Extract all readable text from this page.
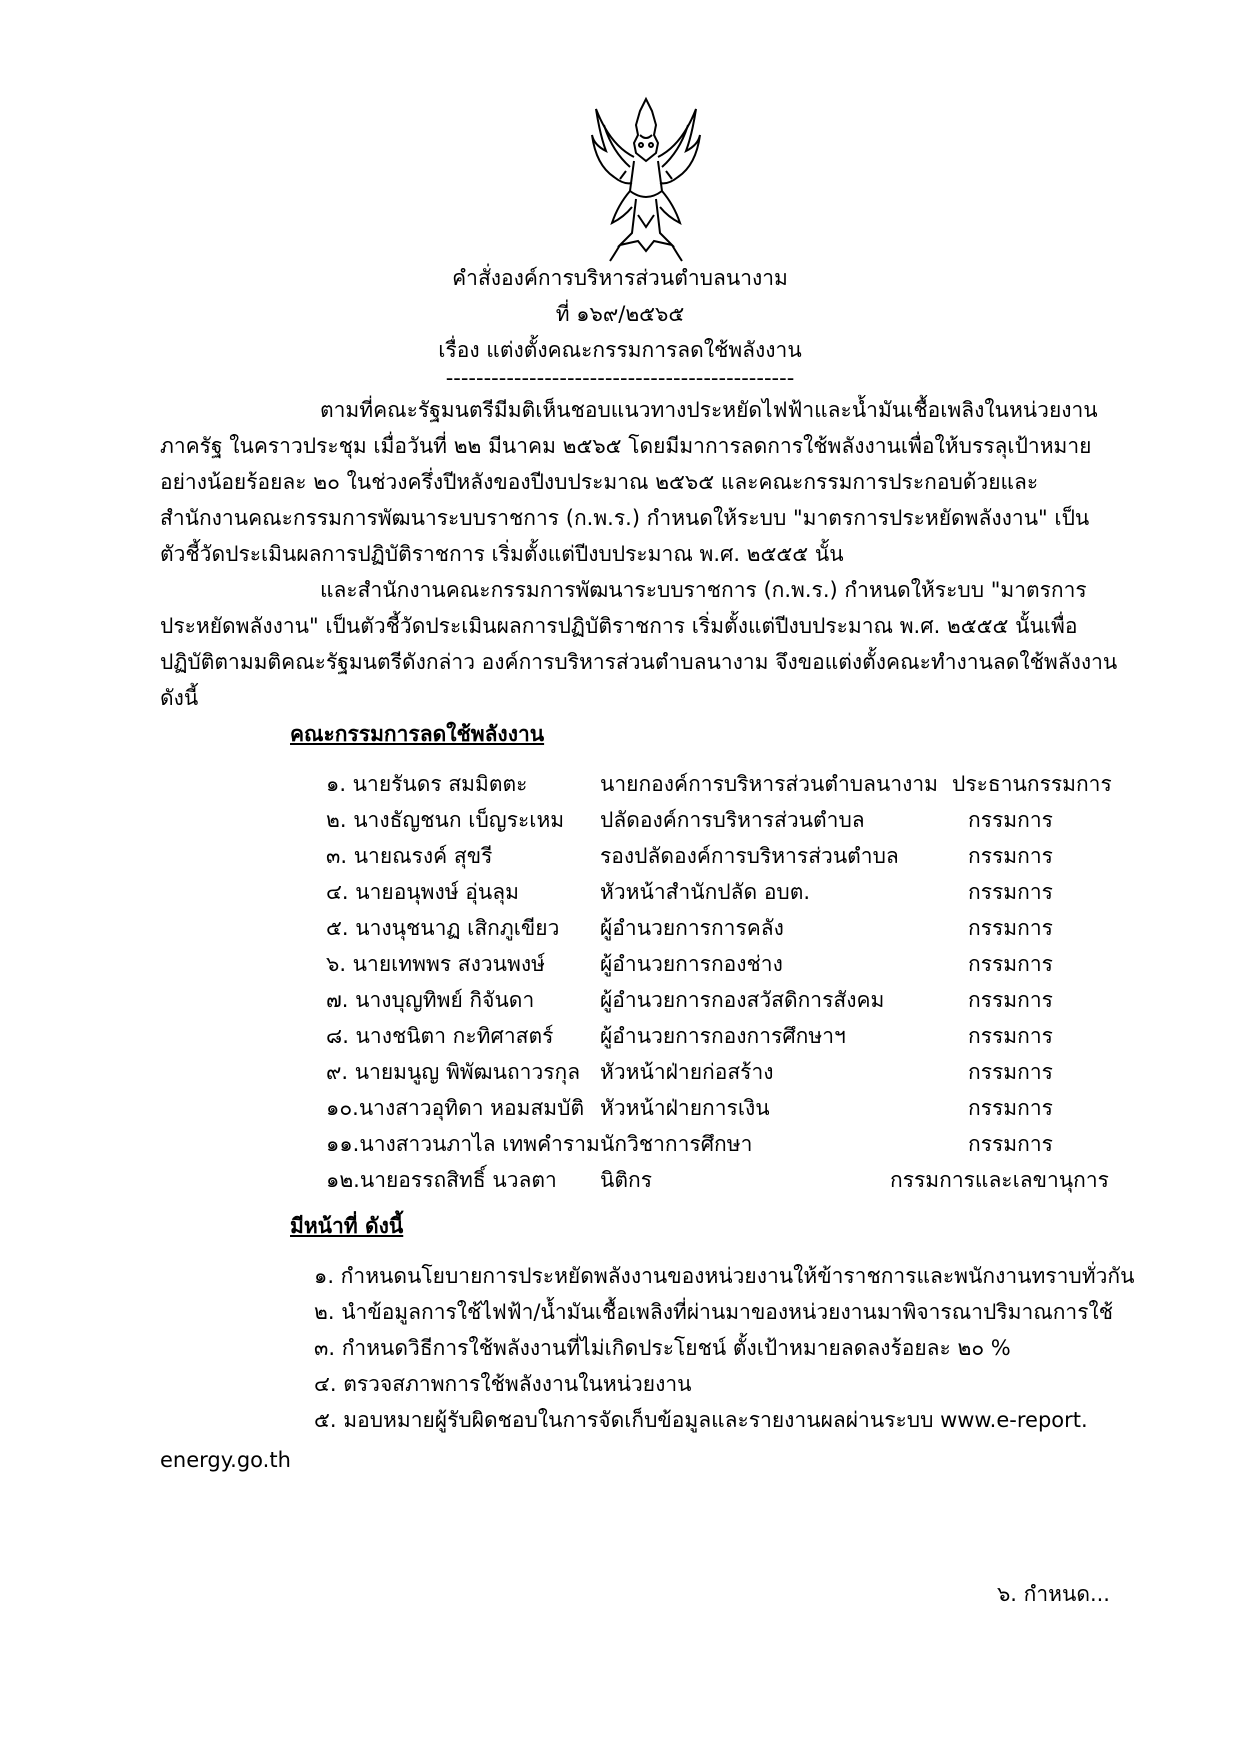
คำสั่งองค์การบริหารส่วนตำบลนางาม
ที่ ๑๖๙/๒๕๖๕
เรื่อง แต่งตั้งคณะกรรมการลดใช้พลังงาน
----------------------------------------------
ตามที่คณะรัฐมนตรีมีมติเห็นชอบแนวทางประหยัดไฟฟ้าและน้ำมันเชื้อเพลิงในหน่วยงาน
ภาครัฐ ในคราวประชุม เมื่อวันที่ ๒๒ มีนาคม ๒๕๖๕ โดยมีมาการลดการใช้พลังงานเพื่อให้บรรลุเป้าหมาย
อย่างน้อยร้อยละ ๒๐ ในช่วงครึ่งปีหลังของปีงบประมาณ ๒๕๖๕ และคณะกรรมการประกอบด้วยและ
สำนักงานคณะกรรมการพัฒนาระบบราชการ (ก.พ.ร.) กำหนดให้ระบบ "มาตรการประหยัดพลังงาน" เป็น
ตัวชี้วัดประเมินผลการปฏิบัติราชการ เริ่มตั้งแต่ปีงบประมาณ พ.ศ. ๒๕๕๕ นั้น
และสำนักงานคณะกรรมการพัฒนาระบบราชการ (ก.พ.ร.) กำหนดให้ระบบ "มาตรการ
ประหยัดพลังงาน" เป็นตัวชี้วัดประเมินผลการปฏิบัติราชการ เริ่มตั้งแต่ปีงบประมาณ พ.ศ. ๒๕๕๕ นั้นเพื่อ
ปฏิบัติตามมติคณะรัฐมนตรีดังกล่าว องค์การบริหารส่วนตำบลนางาม จึงขอแต่งตั้งคณะทำงานลดใช้พลังงาน
ดังนี้
คณะกรรมการลดใช้พลังงาน
๑. นายรันดร สมมิตตะ	นายกองค์การบริหารส่วนตำบลนางาม ประธานกรรมการ
๒. นางธัญชนก เบ็ญระเหม ปลัดองค์การบริหารส่วนตำบล	กรรมการ
๓. นายณรงค์ สุขรี	รองปลัดองค์การบริหารส่วนตำบล	กรรมการ
๔. นายอนุพงษ์ อุ่นลุม	หัวหน้าสำนักปลัด อบต.	กรรมการ
๕. นางนุชนาฏ เสิกภูเขียว ผู้อำนวยการการคลัง	กรรมการ
๖. นายเทพพร สงวนพงษ์	ผู้อำนวยการกองช่าง	กรรมการ
๗. นางบุญทิพย์ กิจันดา	ผู้อำนวยการกองสวัสดิการสังคม	กรรมการ
๘. นางชนิตา กะทิศาสตร์ ผู้อำนวยการกองการศึกษาฯ	กรรมการ
๙. นายมนูญ พิพัฒนถาวรกุล หัวหน้าฝ่ายก่อสร้าง	กรรมการ
๑๐.นางสาวอุทิดา หอมสมบัติ หัวหน้าฝ่ายการเงิน	กรรมการ
๑๑.นางสาวนภาไล เทพคำราม นักวิชาการศึกษา	กรรมการ
๑๒.นายอรรถสิทธิ์ นวลตา นิติกร	กรรมการและเลขานุการ
มีหน้าที่ ดังนี้
๑. กำหนดนโยบายการประหยัดพลังงานของหน่วยงานให้ข้าราชการและพนักงานทราบทั่วกัน
๒. นำข้อมูลการใช้ไฟฟ้า/น้ำมันเชื้อเพลิงที่ผ่านมาของหน่วยงานมาพิจารณาปริมาณการใช้
๓. กำหนดวิธีการใช้พลังงานที่ไม่เกิดประโยชน์ ตั้งเป้าหมายลดลงร้อยละ ๒๐ %
๔. ตรวจสภาพการใช้พลังงานในหน่วยงาน
๕. มอบหมายผู้รับผิดชอบในการจัดเก็บข้อมูลและรายงานผลผ่านระบบ www.e-report.
energy.go.th
๖. กำหนด...
